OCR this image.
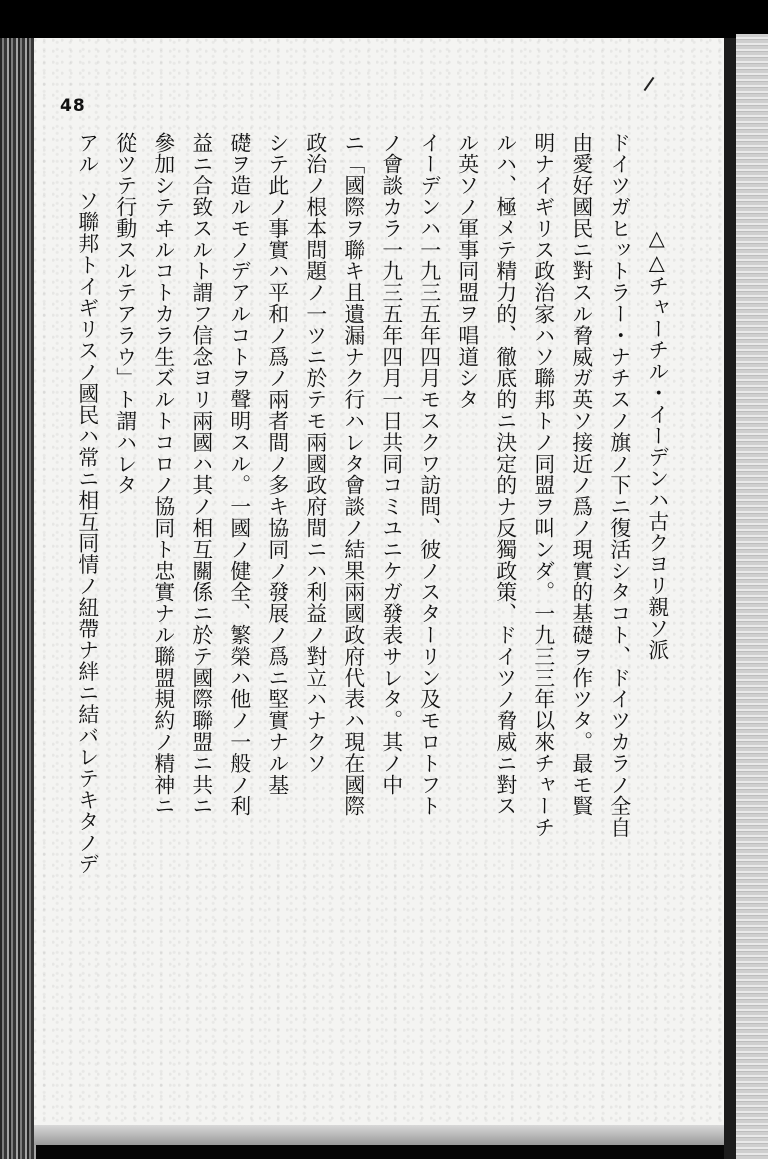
48
△△チャーチル・イーデンハ古クヨリ親ソ派
ドイツガヒットラー・ナチスノ旗ノ下ニ復活シタコト、ドイツカラノ全自
由愛好國民ニ對スル脅威ガ英ソ接近ノ爲ノ現實的基礎ヲ作ツタ。最モ賢
明ナイギリス政治家ハソ聯邦トノ同盟ヲ叫ンダ。一九三三年以來チャーチ
ルハ、極メテ精力的、徹底的ニ決定的ナ反獨政策、ドイツノ脅威ニ對ス
ル英ソノ軍事同盟ヲ唱道シタ
イーデンハ一九三五年四月モスクワ訪問、彼ノスターリン及モロトフト
ノ會談カラ一九三五年四月一日共同コミユニケガ發表サレタ。其ノ中
ニ「國際ヲ聯キ且遺漏ナク行ハレタ會談ノ結果兩國政府代表ハ現在國際
政治ノ根本問題ノ一ツニ於テモ兩國政府間ニハ利益ノ對立ハナクソ
シテ此ノ事實ハ平和ノ爲ノ兩者間ノ多キ協同ノ發展ノ爲ニ堅實ナル基
礎ヲ造ルモノデアルコトヲ聲明スル。一國ノ健全、繁榮ハ他ノ一般ノ利
益ニ合致スルト謂フ信念ヨリ兩國ハ其ノ相互關係ニ於テ國際聯盟ニ共ニ
參加シテヰルコトカラ生ズルトコロノ協同ト忠實ナル聯盟規約ノ精神ニ
從ツテ行動スルテアラウ」ト謂ハレタ
ソ聯邦トイギリスノ國民ハ常ニ相互同情ノ紐帶ナ絆ニ結バレテキタノデ
アル
